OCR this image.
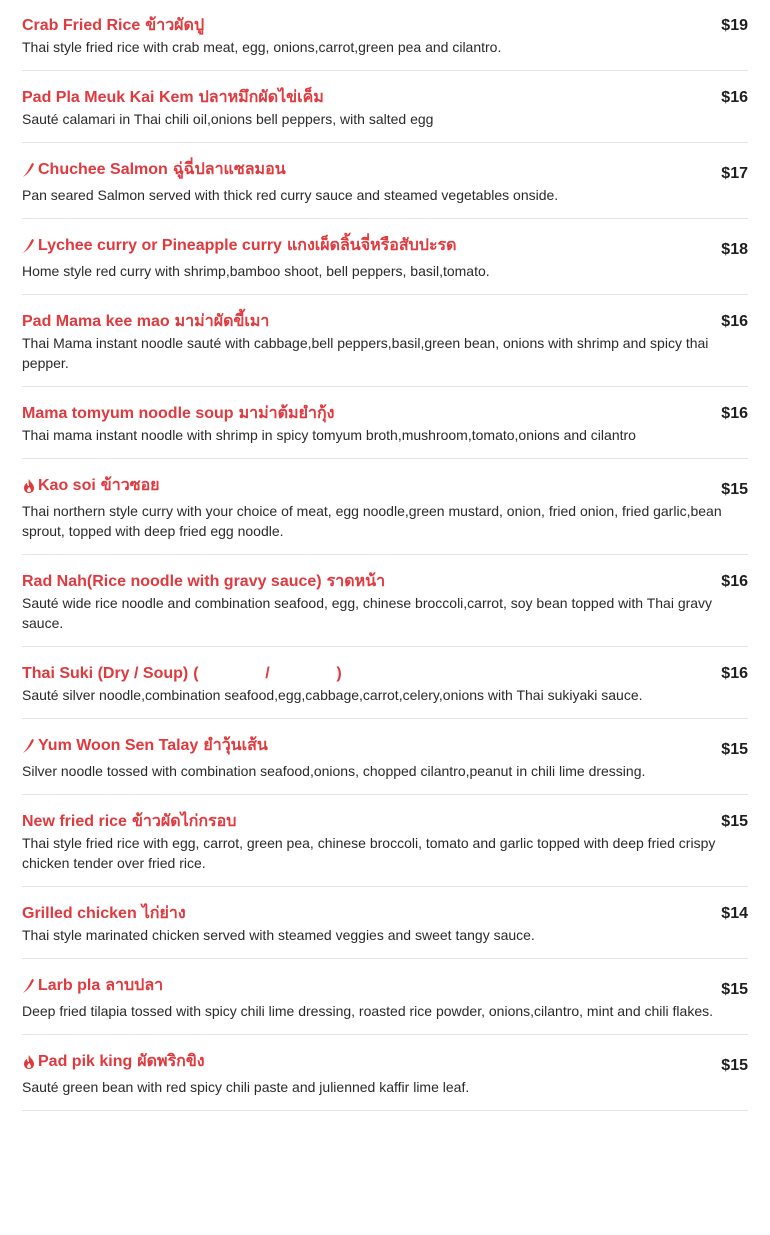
Crab Fried Rice ข้าวผัดปู	$19
Thai style fried rice with crab meat, egg, onions,carrot,green pea and cilantro.
Pad Pla Meuk Kai Kem ปลาหมึกผัดไข่เค็ม	$16
Sauté calamari in Thai chili oil,onions bell peppers, with salted egg
Chuchee Salmon ฉู่ฉี่ปลาแซลมอน	$17
Pan seared Salmon served with thick red curry sauce and steamed vegetables onside.
Lychee curry or Pineapple curry แกงเผ็ดลิ้นจี่หรือสับปะรด	$18
Home style red curry with shrimp,bamboo shoot, bell peppers, basil,tomato.
Pad Mama kee mao มาม่าผัดขี้เมา	$16
Thai Mama instant noodle sauté with cabbage,bell peppers,basil,green bean, onions with shrimp and spicy thai pepper.
Mama tomyum noodle soup มาม่าต้มยำกุ้ง	$16
Thai mama instant noodle with shrimp in spicy tomyum broth,mushroom,tomato,onions and cilantro
Kao soi ข้าวซอย	$15
Thai northern style curry with your choice of meat, egg noodle,green mustard, onion, fried onion, fried garlic,bean sprout, topped with deep fried egg noodle.
Rad Nah(Rice noodle with gravy sauce) ราดหน้า	$16
Sauté wide rice noodle and combination seafood, egg, chinese broccoli,carrot, soy bean topped with Thai gravy sauce.
Thai Suki (Dry / Soup) (               /               )	$16
Sauté silver noodle,combination seafood,egg,cabbage,carrot,celery,onions with Thai sukiyaki sauce.
Yum Woon Sen Talay ยำวุ้นเส้น	$15
Silver noodle tossed with combination seafood,onions, chopped cilantro,peanut in chili lime dressing.
New fried rice ข้าวผัดไก่กรอบ	$15
Thai style fried rice with egg, carrot, green pea, chinese broccoli, tomato and garlic topped with deep fried crispy chicken tender over fried rice.
Grilled chicken ไก่ย่าง	$14
Thai style marinated chicken served with steamed veggies and sweet tangy sauce.
Larb pla ลาบปลา	$15
Deep fried tilapia tossed with spicy chili lime dressing, roasted rice powder, onions,cilantro, mint and chili flakes.
Pad pik king ผัดพริกขิง	$15
Sauté green bean with red spicy chili paste and julienned kaffir lime leaf.
